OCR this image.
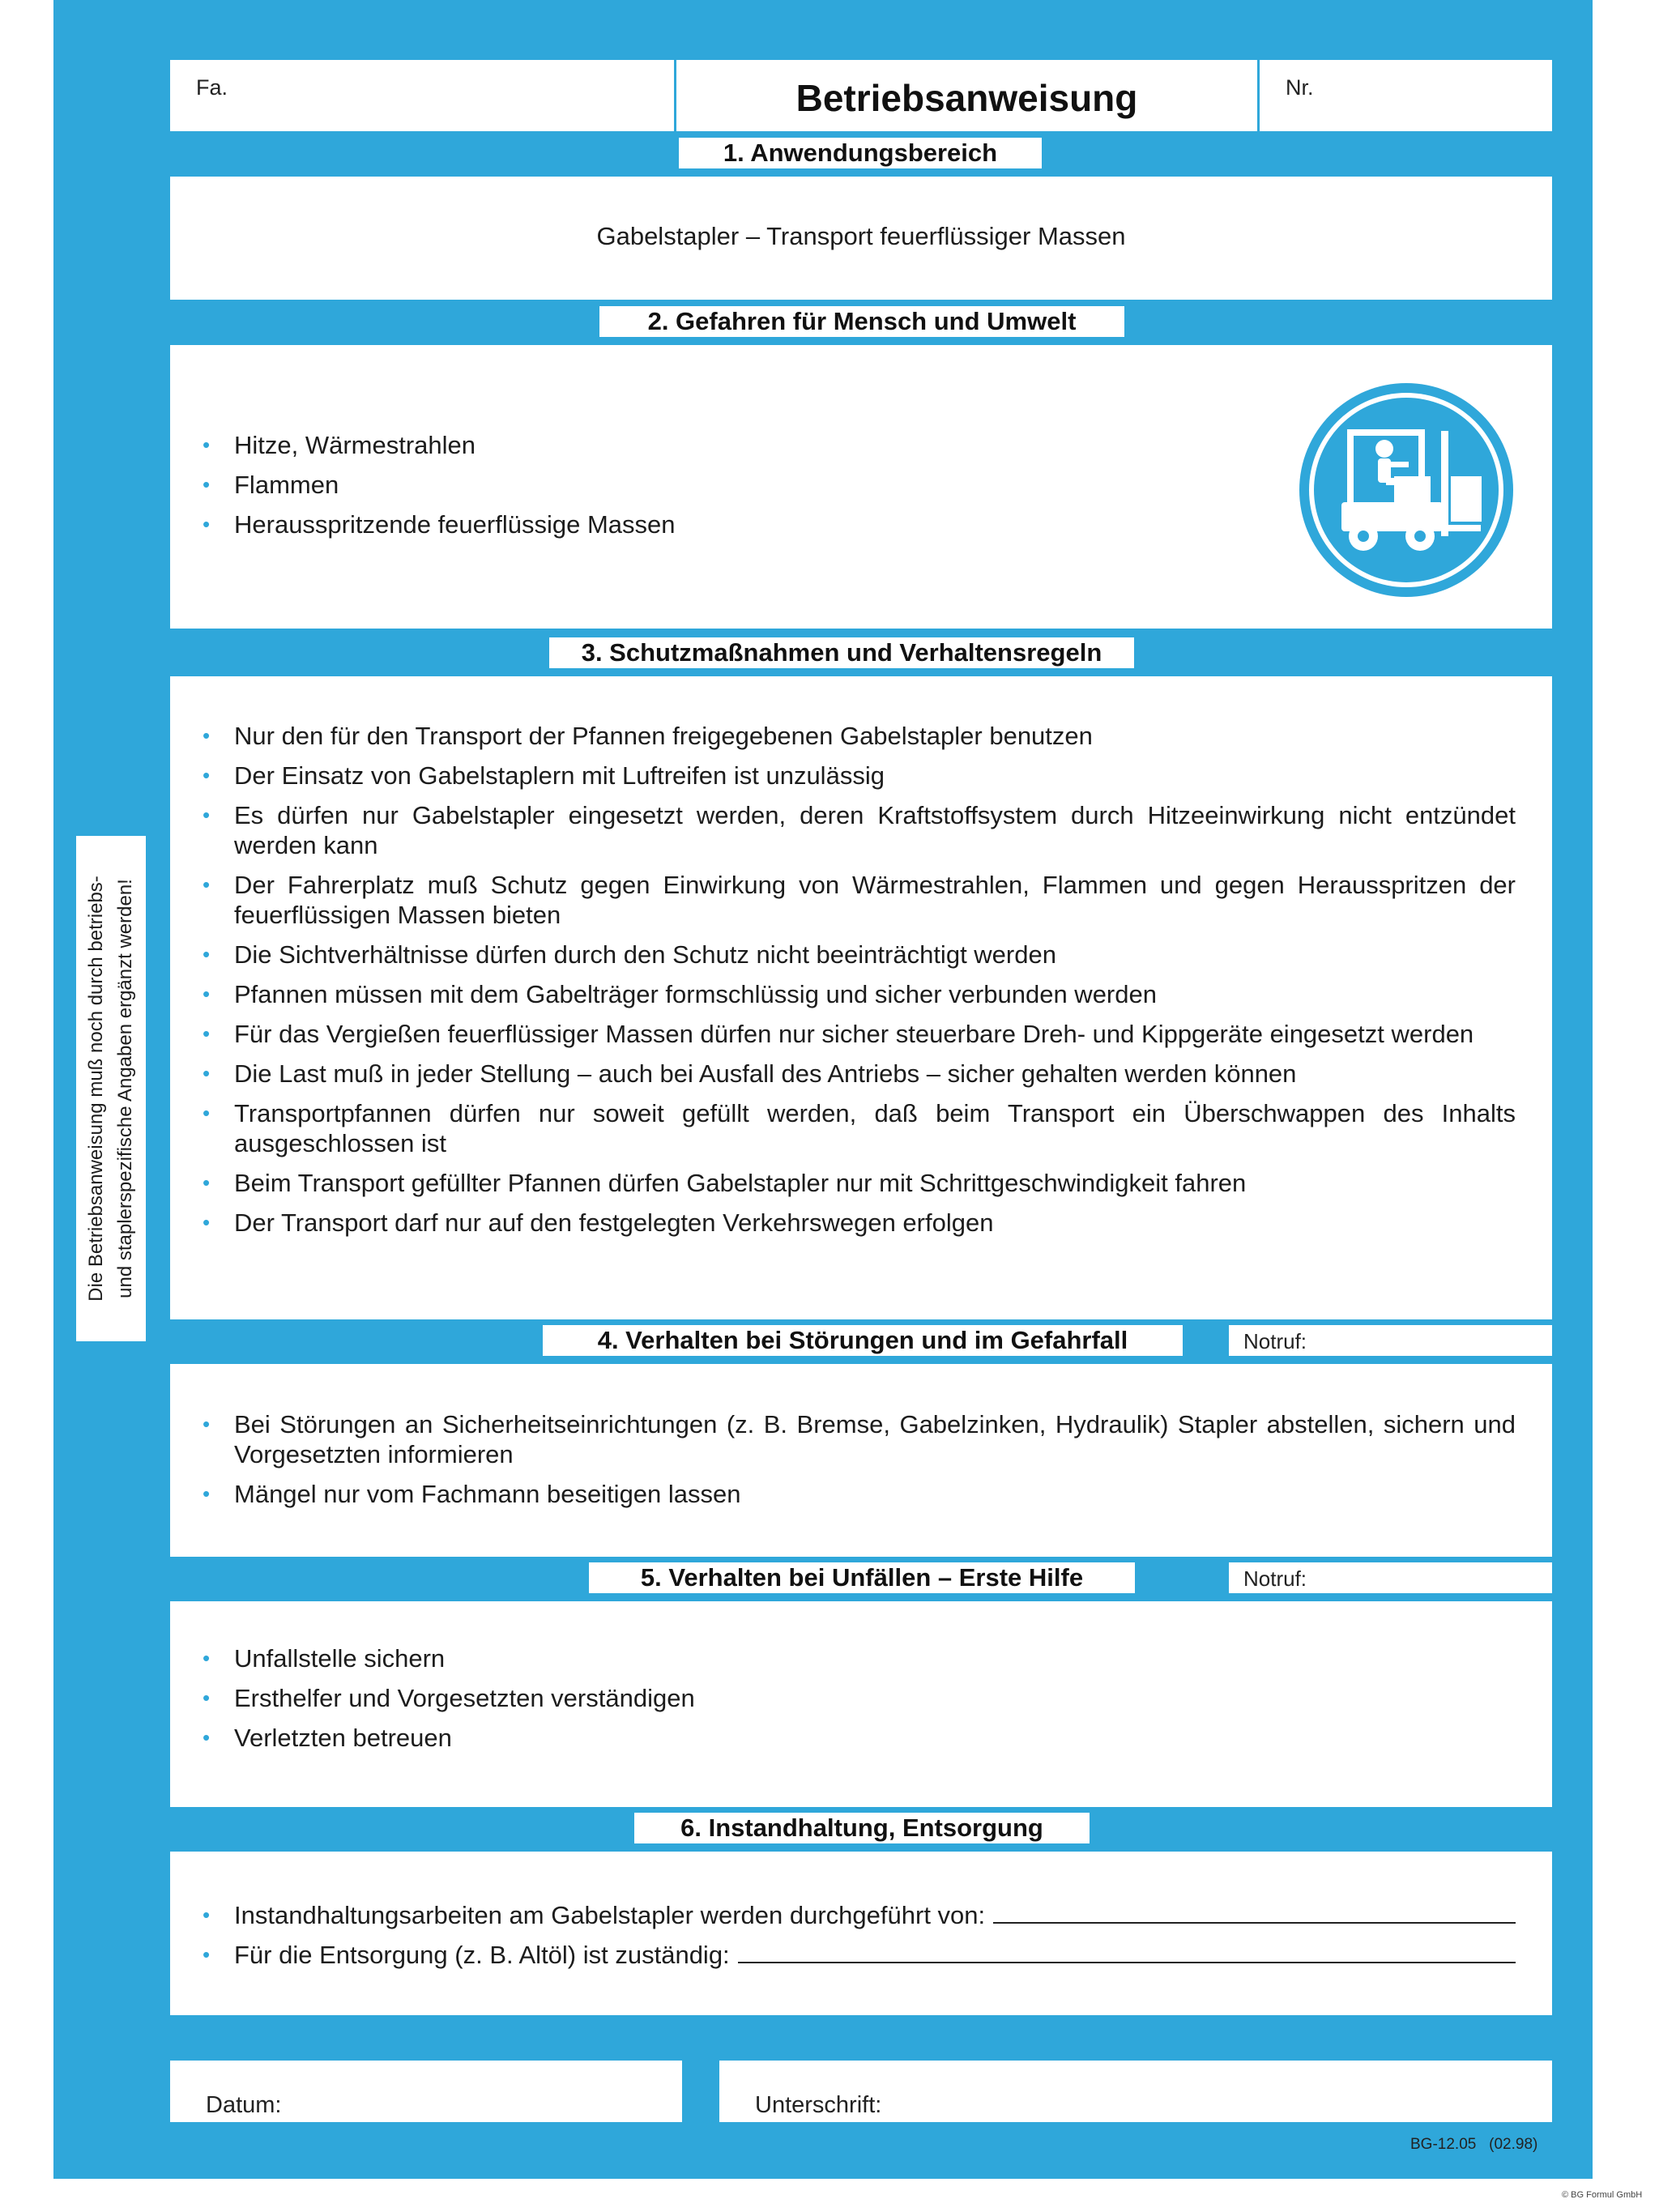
Fa.	Betriebsanweisung	Nr.
1. Anwendungsbereich
Gabelstapler – Transport feuerflüssiger Massen
2. Gefahren für Mensch und Umwelt
• Hitze, Wärmestrahlen
• Flammen
• Herausspritzende feuerflüssige Massen
3. Schutzmaßnahmen und Verhaltensregeln
• Nur den für den Transport der Pfannen freigegebenen Gabelstapler benutzen
• Der Einsatz von Gabelstaplern mit Luftreifen ist unzulässig
• Es dürfen nur Gabelstapler eingesetzt werden, deren Kraftstoffsystem durch Hitzeeinwirkung nicht entzündet werden kann
• Der Fahrerplatz muß Schutz gegen Einwirkung von Wärmestrahlen, Flammen und gegen Herausspritzen der feuerflüssigen Massen bieten
• Die Sichtverhältnisse dürfen durch den Schutz nicht beeinträchtigt werden
• Pfannen müssen mit dem Gabelträger formschlüssig und sicher verbunden werden
• Für das Vergießen feuerflüssiger Massen dürfen nur sicher steuerbare Dreh- und Kippgeräte eingesetzt werden
• Die Last muß in jeder Stellung – auch bei Ausfall des Antriebs – sicher gehalten werden können
• Transportpfannen dürfen nur soweit gefüllt werden, daß beim Transport ein Überschwappen des Inhalts ausgeschlossen ist
• Beim Transport gefüllter Pfannen dürfen Gabelstapler nur mit Schrittgeschwindigkeit fahren
• Der Transport darf nur auf den festgelegten Verkehrswegen erfolgen
Die Betriebsanweisung muß noch durch betriebs- und staplerspezifische Angaben ergänzt werden!
4. Verhalten bei Störungen und im Gefahrfall	Notruf:
• Bei Störungen an Sicherheitseinrichtungen (z. B. Bremse, Gabelzinken, Hydraulik) Stapler abstellen, sichern und Vorgesetzten informieren
• Mängel nur vom Fachmann beseitigen lassen
5. Verhalten bei Unfällen – Erste Hilfe	Notruf:
• Unfallstelle sichern
• Ersthelfer und Vorgesetzten verständigen
• Verletzten betreuen
6. Instandhaltung, Entsorgung
• Instandhaltungsarbeiten am Gabelstapler werden durchgeführt von:
• Für die Entsorgung (z. B. Altöl) ist zuständig:
Datum:	Unterschrift:
BG-12.05   (02.98)
© BG Formul GmbH
